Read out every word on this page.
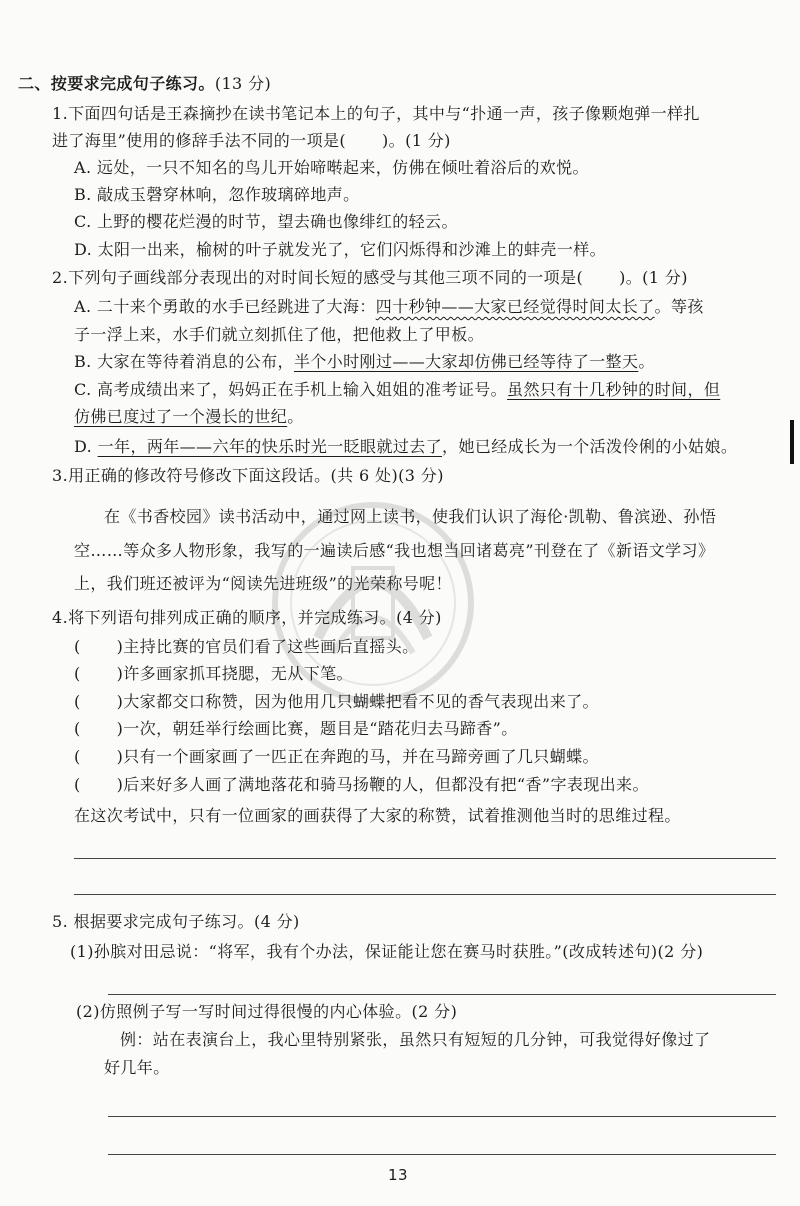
二、按要求完成句子练习。(13 分)
1.下面四句话是王森摘抄在读书笔记本上的句子，其中与“扑通一声，孩子像颗炮弹一样扎
进了海里”使用的修辞手法不同的一项是( )。(1 分)
A. 远处，一只不知名的鸟儿开始啼啭起来，仿佛在倾吐着浴后的欢悦。
B. 敲成玉磬穿林响，忽作玻璃碎地声。
C. 上野的樱花烂漫的时节，望去确也像绯红的轻云。
D. 太阳一出来，榆树的叶子就发光了，它们闪烁得和沙滩上的蚌壳一样。
2.下列句子画线部分表现出的对时间长短的感受与其他三项不同的一项是( )。(1 分)
A. 二十来个勇敢的水手已经跳进了大海：四十秒钟——大家已经觉得时间太长了。等孩
子一浮上来，水手们就立刻抓住了他，把他救上了甲板。
B. 大家在等待着消息的公布，半个小时刚过——大家却仿佛已经等待了一整天。
C. 高考成绩出来了，妈妈正在手机上输入姐姐的准考证号。虽然只有十几秒钟的时间，但
仿佛已度过了一个漫长的世纪。
D. 一年，两年——六年的快乐时光一眨眼就过去了，她已经成长为一个活泼伶俐的小姑娘。
3.用正确的修改符号修改下面这段话。(共 6 处)(3 分)
在《书香校园》读书活动中，通过网上读书，使我们认识了海伦·凯勒、鲁滨逊、孙悟
空……等众多人物形象，我写的一遍读后感“我也想当回诸葛亮”刊登在了《新语文学习》
上，我们班还被评为“阅读先进班级”的光荣称号呢！
4.将下列语句排列成正确的顺序，并完成练习。(4 分)
( )主持比赛的官员们看了这些画后直摇头。
( )许多画家抓耳挠腮，无从下笔。
( )大家都交口称赞，因为他用几只蝴蝶把看不见的香气表现出来了。
( )一次，朝廷举行绘画比赛，题目是“踏花归去马蹄香”。
( )只有一个画家画了一匹正在奔跑的马，并在马蹄旁画了几只蝴蝶。
( )后来好多人画了满地落花和骑马扬鞭的人，但都没有把“香”字表现出来。
在这次考试中，只有一位画家的画获得了大家的称赞，试着推测他当时的思维过程。
5. 根据要求完成句子练习。(4 分)
(1)孙膑对田忌说：“将军，我有个办法，保证能让您在赛马时获胜。”(改成转述句)(2 分)
(2)仿照例子写一写时间过得很慢的内心体验。(2 分)
例：站在表演台上，我心里特别紧张，虽然只有短短的几分钟，可我觉得好像过了
好几年。
13
